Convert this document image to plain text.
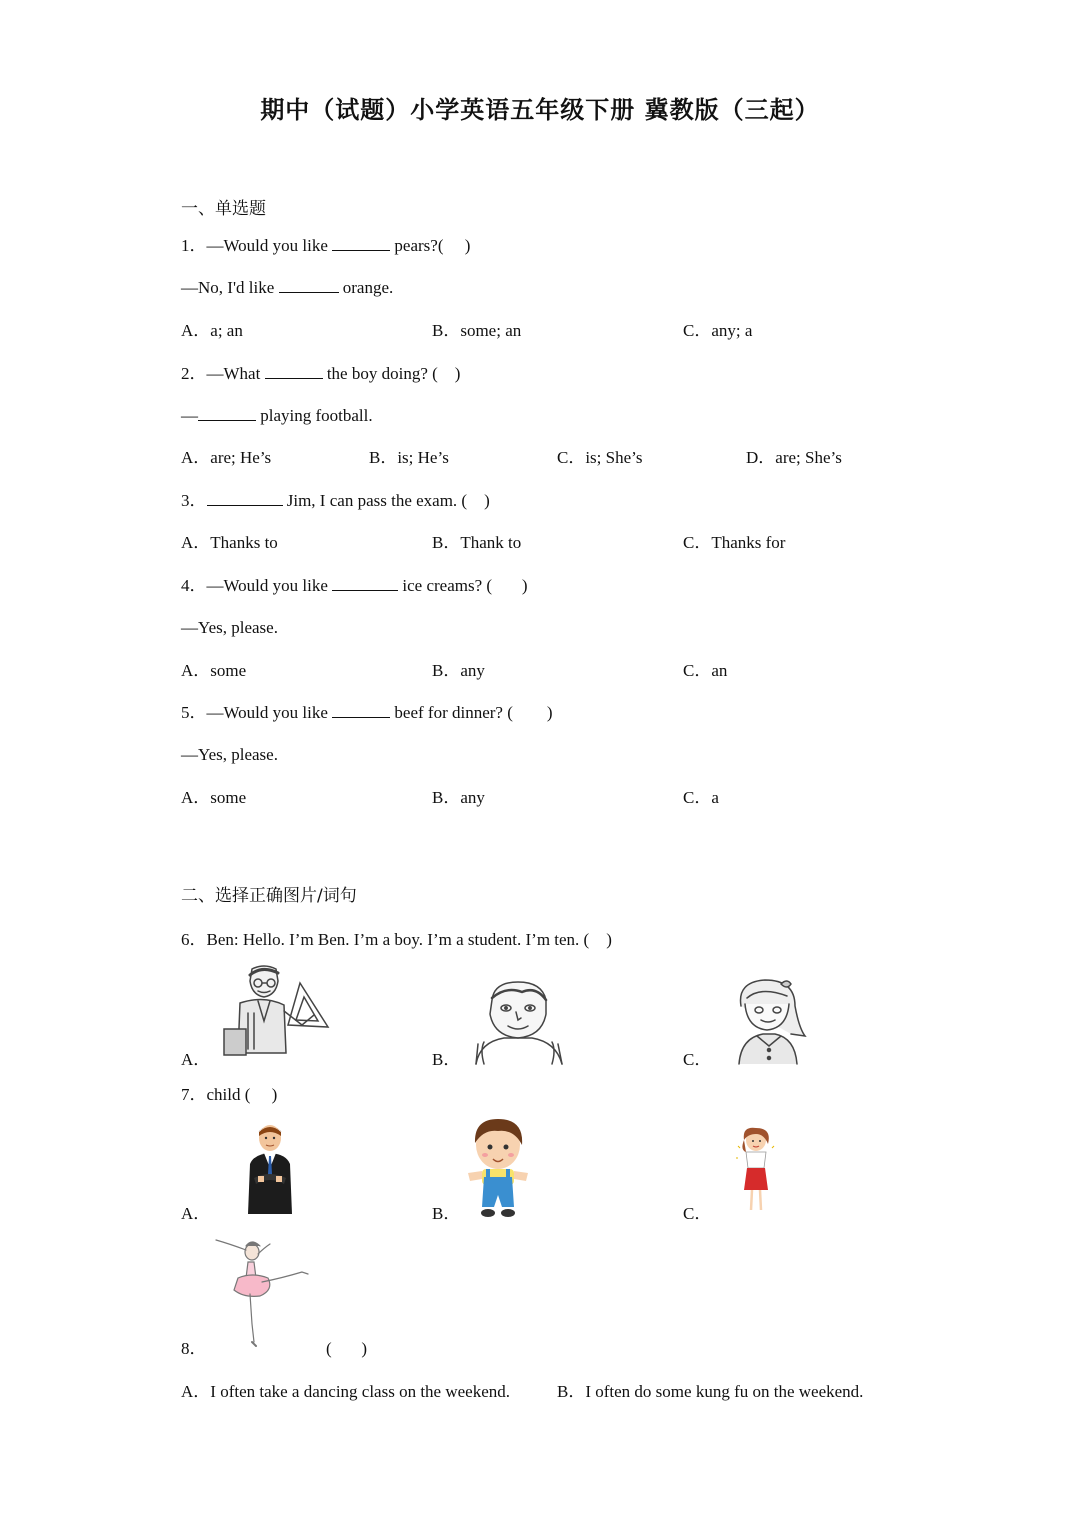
期中（试题）小学英语五年级下册 冀教版（三起）
一、单选题
1．—Would you like	pears?(     )
—No, I'd like	orange.
A．a; an	B．some; an	C．any; a
2．—What	the boy doing? (    )
—	playing football.
A．are; He’s	B．is; He’s	C．is; She’s	D．are; She’s
3．	Jim, I can pass the exam. (    )
A．Thanks to	B．Thank to	C．Thanks for
4．—Would you like	ice creams? (       )
—Yes, please.
A．some	B．any	C．an
5．—Would you like	beef for dinner? (        )
—Yes, please.
A．some	B．any	C．a
二、选择正确图片/词句
6．Ben: Hello. I’m Ben. I’m a boy. I’m a student. I’m ten. (    )
A．	B．	C．
7．child (     )
A．	B．	C．
8．	(       )
A．I often take a dancing class on the weekend.	B．I often do some kung fu on the weekend.
